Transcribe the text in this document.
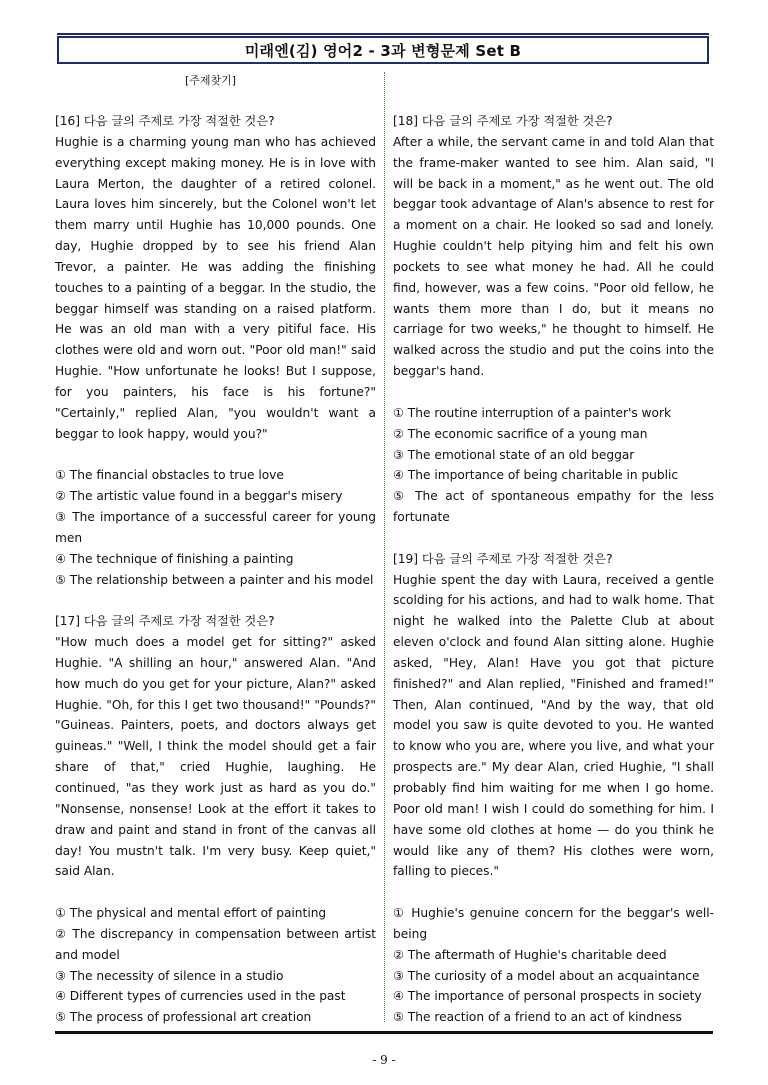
미래엔(김) 영어2 - 3과 변형문제 Set B
[주제찾기]

[16] 다음 글의 주제로 가장 적절한 것은?

Hughie is a charming young man who has achieved everything except making money. He is in love with Laura Merton, the daughter of a retired colonel. Laura loves him sincerely, but the Colonel won't let them marry until Hughie has 10,000 pounds. One day, Hughie dropped by to see his friend Alan Trevor, a painter. He was adding the finishing touches to a painting of a beggar. In the studio, the beggar himself was standing on a raised platform. He was an old man with a very pitiful face. His clothes were old and worn out. "Poor old man!" said Hughie. "How unfortunate he looks! But I suppose, for you painters, his face is his fortune?" "Certainly," replied Alan, "you wouldn't want a beggar to look happy, would you?"

① The financial obstacles to true love
② The artistic value found in a beggar's misery
③ The importance of a successful career for young men
④ The technique of finishing a painting
⑤ The relationship between a painter and his model

[17] 다음 글의 주제로 가장 적절한 것은?

"How much does a model get for sitting?" asked Hughie. "A shilling an hour," answered Alan. "And how much do you get for your picture, Alan?" asked Hughie. "Oh, for this I get two thousand!" "Pounds?" "Guineas. Painters, poets, and doctors always get guineas." "Well, I think the model should get a fair share of that," cried Hughie, laughing. He continued, "as they work just as hard as you do." "Nonsense, nonsense! Look at the effort it takes to draw and paint and stand in front of the canvas all day! You mustn't talk. I'm very busy. Keep quiet," said Alan.

① The physical and mental effort of painting
② The discrepancy in compensation between artist and model
③ The necessity of silence in a studio
④ Different types of currencies used in the past
⑤ The process of professional art creation

[18] 다음 글의 주제로 가장 적절한 것은?

After a while, the servant came in and told Alan that the frame-maker wanted to see him. Alan said, "I will be back in a moment," as he went out. The old beggar took advantage of Alan's absence to rest for a moment on a chair. He looked so sad and lonely. Hughie couldn't help pitying him and felt his own pockets to see what money he had. All he could find, however, was a few coins. "Poor old fellow, he wants them more than I do, but it means no carriage for two weeks," he thought to himself. He walked across the studio and put the coins into the beggar's hand.

① The routine interruption of a painter's work
② The economic sacrifice of a young man
③ The emotional state of an old beggar
④ The importance of being charitable in public
⑤ The act of spontaneous empathy for the less fortunate

[19] 다음 글의 주제로 가장 적절한 것은?

Hughie spent the day with Laura, received a gentle scolding for his actions, and had to walk home. That night he walked into the Palette Club at about eleven o'clock and found Alan sitting alone. Hughie asked, "Hey, Alan! Have you got that picture finished?" and Alan replied, "Finished and framed!" Then, Alan continued, "And by the way, that old model you saw is quite devoted to you. He wanted to know who you are, where you live, and what your prospects are." My dear Alan, cried Hughie, "I shall probably find him waiting for me when I go home. Poor old man! I wish I could do something for him. I have some old clothes at home — do you think he would like any of them? His clothes were worn, falling to pieces."

① Hughie's genuine concern for the beggar's well-being
② The aftermath of Hughie's charitable deed
③ The curiosity of a model about an acquaintance
④ The importance of personal prospects in society
⑤ The reaction of a friend to an act of kindness
- 9 -
